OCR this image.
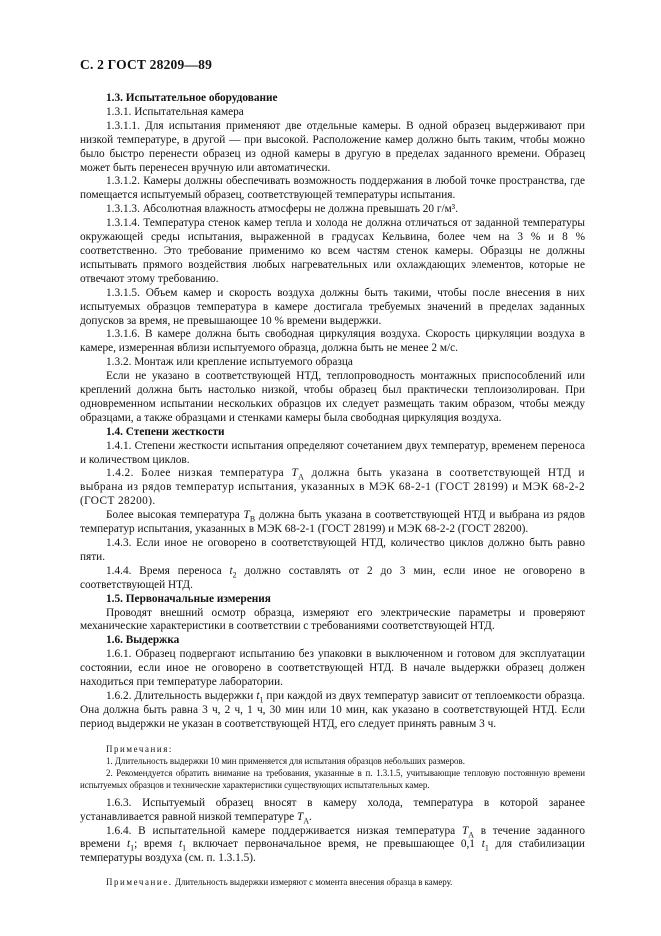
С. 2 ГОСТ 28209—89

1.3. Испытательное оборудование

1.3.1. Испытательная камера

1.3.1.1. Для испытания применяют две отдельные камеры. В одной образец выдерживают при низкой температуре, в другой — при высокой. Расположение камер должно быть таким, чтобы можно было быстро перенести образец из одной камеры в другую в пределах заданного времени. Образец может быть перенесен вручную или автоматически.

1.3.1.2. Камеры должны обеспечивать возможность поддержания в любой точке пространства, где помещается испытуемый образец, соответствующей температуры испытания.

1.3.1.3. Абсолютная влажность атмосферы не должна превышать 20 г/м³.

1.3.1.4. Температура стенок камер тепла и холода не должна отличаться от заданной температуры окружающей среды испытания, выраженной в градусах Кельвина, более чем на 3 % и 8 % соответственно. Это требование применимо ко всем частям стенок камеры. Образцы не должны испытывать прямого воздействия любых нагревательных или охлаждающих элементов, которые не отвечают этому требованию.

1.3.1.5. Объем камер и скорость воздуха должны быть такими, чтобы после внесения в них испытуемых образцов температура в камере достигала требуемых значений в пределах заданных допусков за время, не превышающее 10 % времени выдержки.

1.3.1.6. В камере должна быть свободная циркуляция воздуха. Скорость циркуляции воздуха в камере, измеренная вблизи испытуемого образца, должна быть не менее 2 м/с.

1.3.2. Монтаж или крепление испытуемого образца

Если не указано в соответствующей НТД, теплопроводность монтажных приспособлений или креплений должна быть настолько низкой, чтобы образец был практически теплоизолирован. При одновременном испытании нескольких образцов их следует размещать таким образом, чтобы между образцами, а также образцами и стенками камеры была свободная циркуляция воздуха.

1.4. Степени жесткости

1.4.1. Степени жесткости испытания определяют сочетанием двух температур, временем переноса и количеством циклов.

1.4.2. Более низкая температура $T_A$ должна быть указана в соответствующей НТД и выбрана из рядов температур испытания, указанных в МЭК 68-2-1 (ГОСТ 28199) и МЭК 68-2-2 (ГОСТ 28200).

Более высокая температура $T_B$ должна быть указана в соответствующей НТД и выбрана из рядов температур испытания, указанных в МЭК 68-2-1 (ГОСТ 28199) и МЭК 68-2-2 (ГОСТ 28200).

1.4.3. Если иное не оговорено в соответствующей НТД, количество циклов должно быть равно пяти.

1.4.4. Время переноса $t_2$ должно составлять от 2 до 3 мин, если иное не оговорено в соответствующей НТД.

1.5. Первоначальные измерения

Проводят внешний осмотр образца, измеряют его электрические параметры и проверяют механические характеристики в соответствии с требованиями соответствующей НТД.

1.6. Выдержка

1.6.1. Образец подвергают испытанию без упаковки в выключенном и готовом для эксплуатации состоянии, если иное не оговорено в соответствующей НТД. В начале выдержки образец должен находиться при температуре лаборатории.

1.6.2. Длительность выдержки $t_1$ при каждой из двух температур зависит от теплоемкости образца. Она должна быть равна 3 ч, 2 ч, 1 ч, 30 мин или 10 мин, как указано в соответствующей НТД. Если период выдержки не указан в соответствующей НТД, его следует принять равным 3 ч.

Примечания:

1. Длительность выдержки 10 мин применяется для испытания образцов небольших размеров.

2. Рекомендуется обратить внимание на требования, указанные в п. 1.3.1.5, учитывающие тепловую постоянную времени испытуемых образцов и технические характеристики существующих испытательных камер.

1.6.3. Испытуемый образец вносят в камеру холода, температура в которой заранее устанавливается равной низкой температуре $T_A$.

1.6.4. В испытательной камере поддерживается низкая температура $T_A$ в течение заданного времени $t_1$; время $t_1$ включает первоначальное время, не превышающее 0,1 $t_1$ для стабилизации температуры воздуха (см. п. 1.3.1.5).

Примечание. Длительность выдержки измеряют с момента внесения образца в камеру.
